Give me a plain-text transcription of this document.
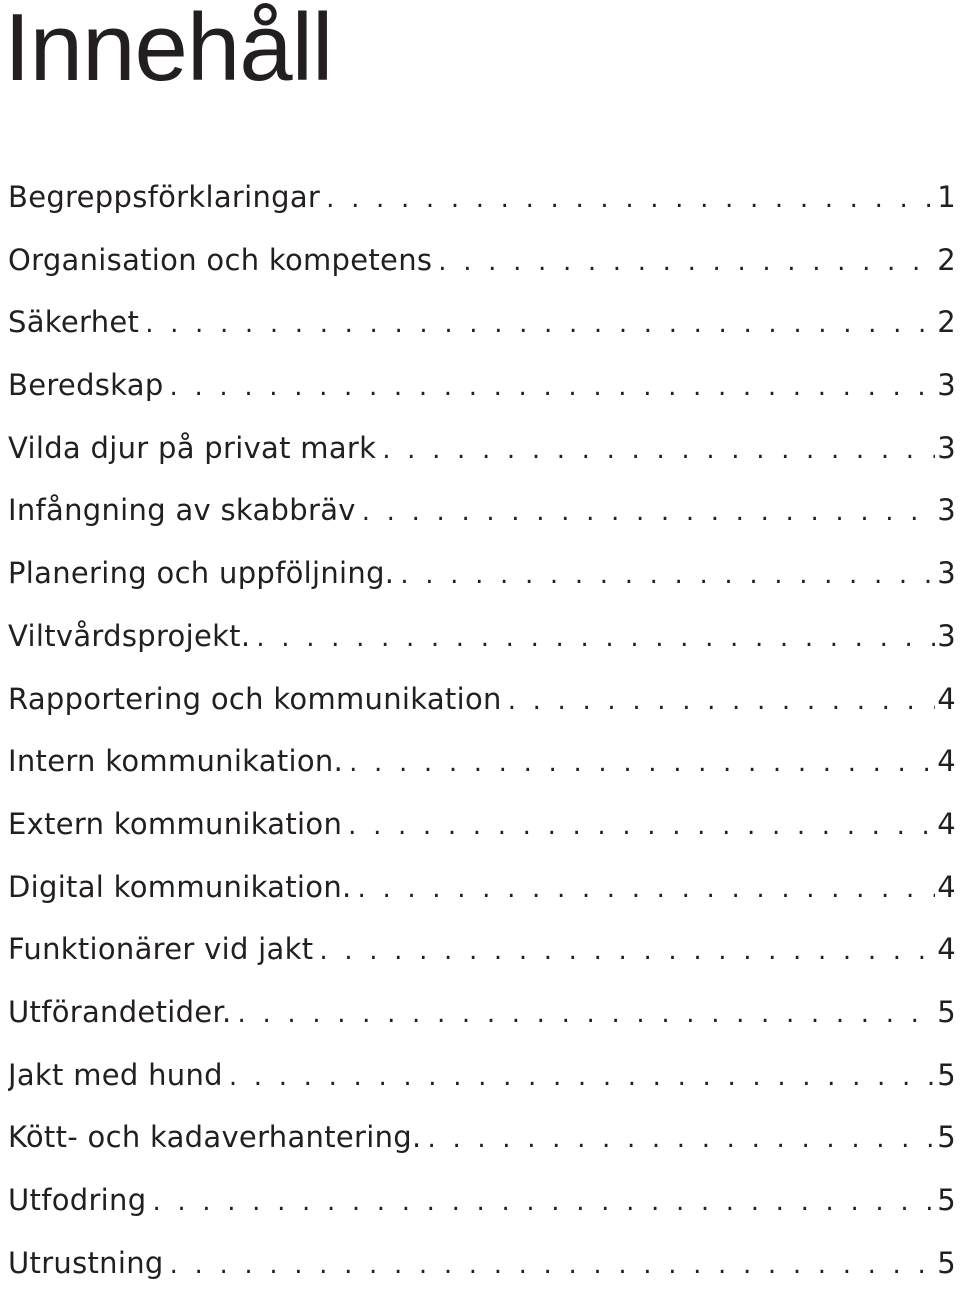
Innehåll
Begreppsförklaringar . . .	1
Organisation och kompetens . . .	2
Säkerhet . . .	2
Beredskap . . .	3
Vilda djur på privat mark . . .	3
Infångning av skabbräv . . .	3
Planering och uppföljning. . . .	3
Viltvårdsprojekt. . . .	3
Rapportering och kommunikation . . .	4
Intern kommunikation. . . .	4
Extern kommunikation . . .	4
Digital kommunikation. . . .	4
Funktionärer vid jakt . . .	4
Utförandetider. . . .	5
Jakt med hund . . .	5
Kött- och kadaverhantering. . . .	5
Utfodring . . .	5
Utrustning . . .	5
